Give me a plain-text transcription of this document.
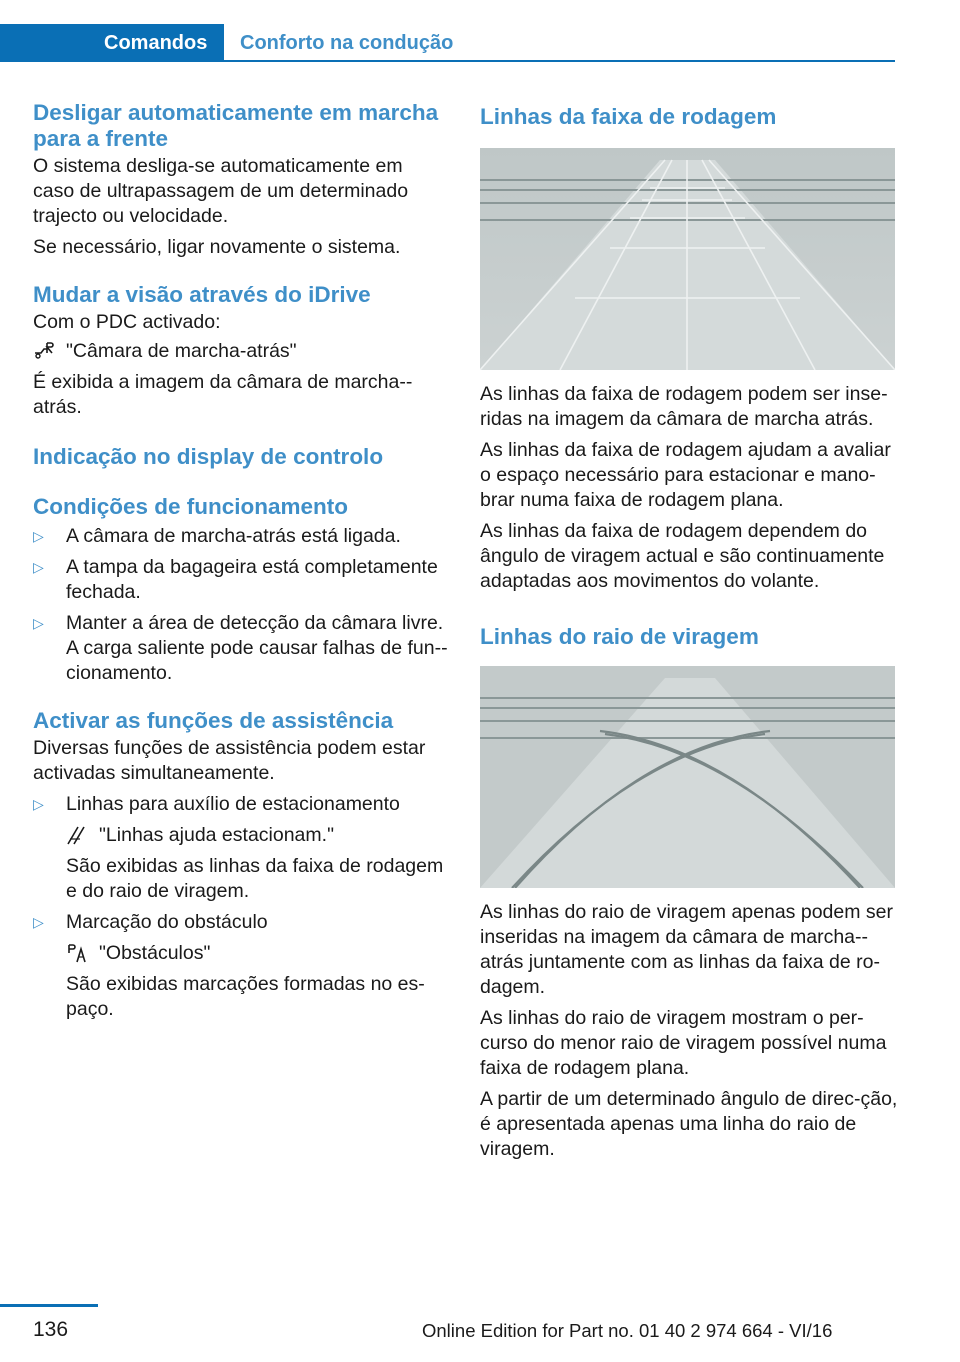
Comandos	Conforto na condução
Desligar automaticamente em marcha para a frente

O sistema desliga-se automaticamente em caso de ultrapassagem de um determinado trajecto ou velocidade.

Se necessário, ligar novamente o sistema.

Mudar a visão através do iDrive

Com o PDC activado:

"Câmara de marcha-atrás"

É exibida a imagem da câmara de marcha--atrás.

Indicação no display de controlo
Condições de funcionamento
▷ A câmara de marcha-atrás está ligada.
▷ A tampa da bagageira está completamente fechada.
▷ Manter a área de detecção da câmara livre. A carga saliente pode causar falhas de fun--cionamento.
Activar as funções de assistência

Diversas funções de assistência podem estar activadas simultaneamente.

▷ Linhas para auxílio de estacionamento
"Linhas ajuda estacionam."

São exibidas as linhas da faixa de rodagem e do raio de viragem.

▷ Marcação do obstáculo
"Obstáculos"

São exibidas marcações formadas no es-paço.

Linhas da faixa de rodagem

As linhas da faixa de rodagem podem ser inse-ridas na imagem da câmara de marcha atrás.

As linhas da faixa de rodagem ajudam a avaliar o espaço necessário para estacionar e mano-brar numa faixa de rodagem plana.

As linhas da faixa de rodagem dependem do ângulo de viragem actual e são continuamente adaptadas aos movimentos do volante.

Linhas do raio de viragem

As linhas do raio de viragem apenas podem ser inseridas na imagem da câmara de marcha--atrás juntamente com as linhas da faixa de ro-dagem.

As linhas do raio de viragem mostram o per-curso do menor raio de viragem possível numa faixa de rodagem plana.

A partir de um determinado ângulo de direc-ção, é apresentada apenas uma linha do raio de viragem.

136	Online Edition for Part no. 01 40 2 974 664 - VI/16
